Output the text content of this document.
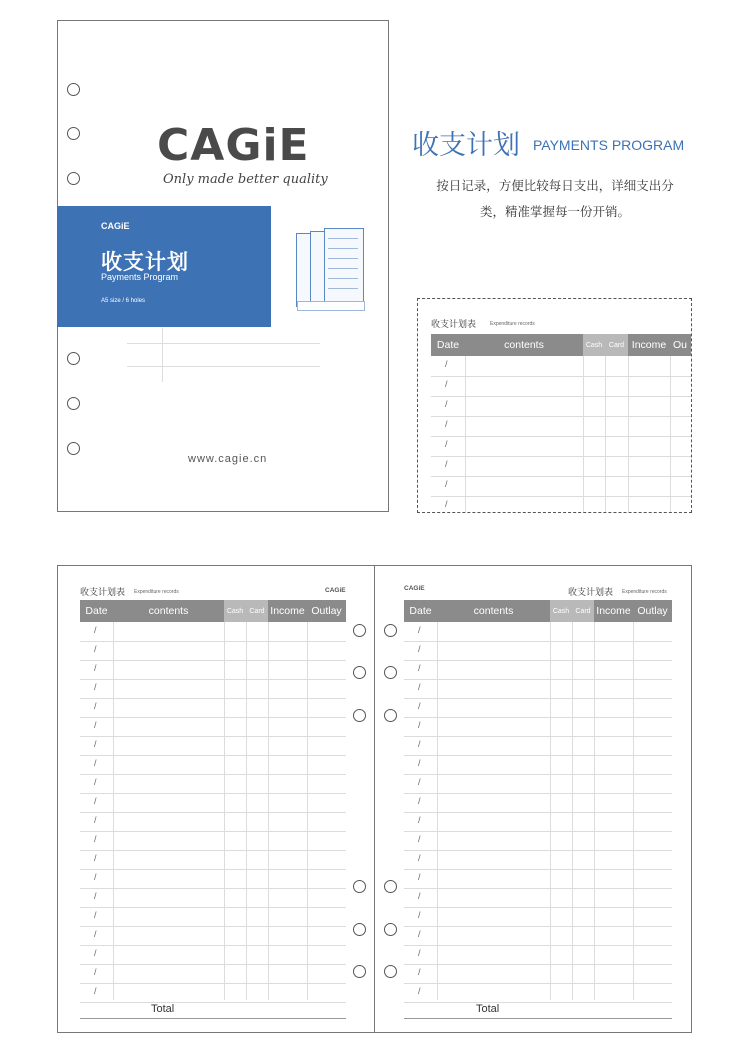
CAGiE
Only made better quality
CAGiE
收支计划
Payments Program
A5 size / 6 holes
www.cagie.cn
收支计划 PAYMENTS PROGRAM
按日记录，方便比较每日支出，详细支出分
类，精准掌握每一份开销。
收支计划表	Expenditure records
Date	contents	Cash Card Income Ou
/
/
/
/
/
/
/
/
收支计划表 Expenditure records	CAGiE	CAGiE	收支计划表 Expenditure records
Date	contents	Cash Card Income Outlay	Date	contents	Cash Card Income Outlay
/
/
/
/
/
/
/
/
/
/
/
/
/
/
/
/
/
/
/
/
/
/
/
/
/
/
/
/
/
/
/
/
/
/
/
/
/
/
/
/
Total	Total
